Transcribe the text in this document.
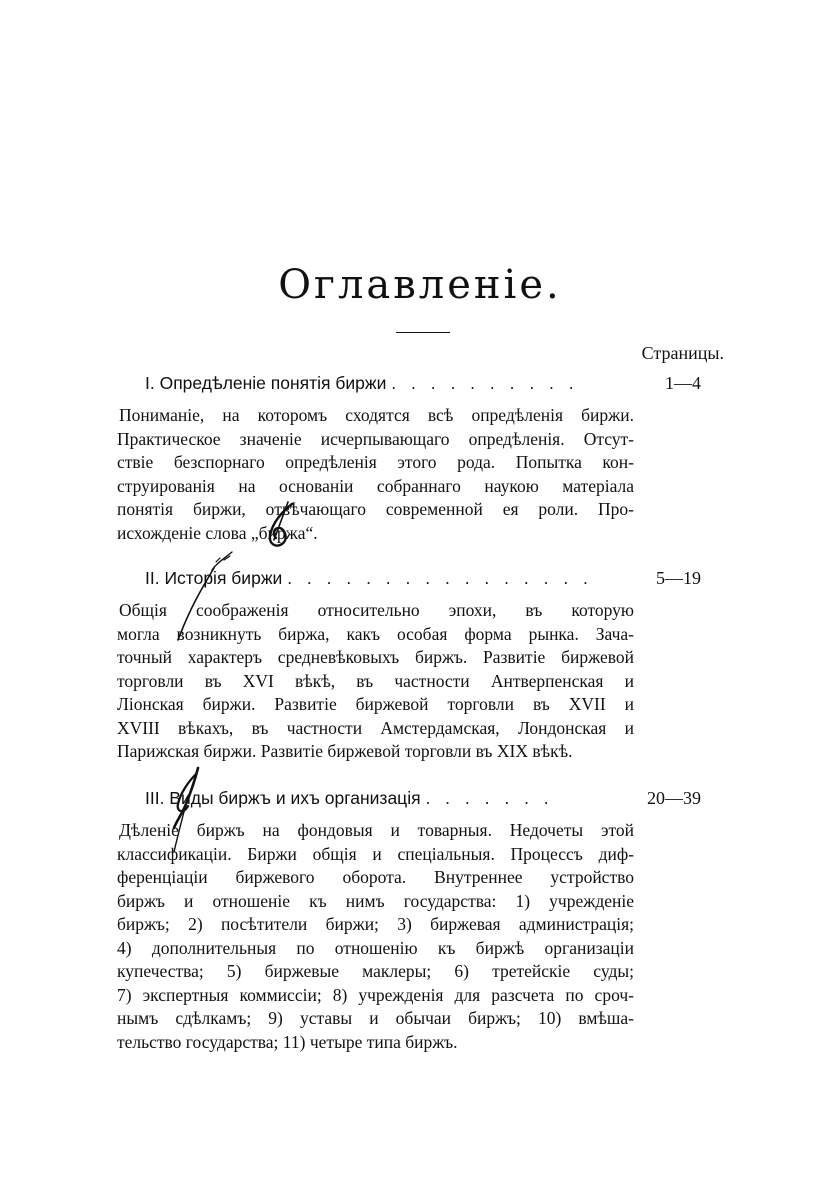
Оглавленіе.
Страницы.
I. Опредѣленіе понятія биржи . . . . . . . . . .	1—4
Пониманіе, на которомъ сходятся всѣ опредѣленія биржи.
Практическое значеніе исчерпывающаго опредѣленія. Отсут-
ствіе безспорнаго опредѣленія этого рода. Попытка кон-
струированія на основаніи собраннаго наукою матеріала
понятія биржи, отвѣчающаго современной ея роли. Про-
исхожденіе слова „биржа“.
II. Исторія биржи . . . . . . . . . . . . . . . .	5—19
Общія соображенія относительно эпохи, въ которую
могла возникнуть биржа, какъ особая форма рынка. Зача-
точный характеръ средневѣковыхъ биржъ. Развитіе биржевой
торговли въ XVI вѣкѣ, въ частности Антверпенская и
Ліонская биржи. Развитіе биржевой торговли въ XVII и
XVIII вѣкахъ, въ частности Амстердамская, Лондонская и
Парижская биржи. Развитіе биржевой торговли въ XIX вѣкѣ.
III. Виды биржъ и ихъ организація . . . . . . .	20—39
Дѣленіе биржъ на фондовыя и товарныя. Недочеты этой
классификаціи. Биржи общія и спеціальныя. Процессъ диф-
ференціаціи биржевого оборота. Внутреннее устройство
биржъ и отношеніе къ нимъ государства: 1) учрежденіе
биржъ; 2) посѣтители биржи; 3) биржевая администрація;
4) дополнительныя по отношенію къ биржѣ организаціи
купечества; 5) биржевые маклеры; 6) третейскіе суды;
7) экспертныя коммиссіи; 8) учрежденія для разсчета по сроч-
нымъ сдѣлкамъ; 9) уставы и обычаи биржъ; 10) вмѣша-
тельство государства; 11) четыре типа биржъ.
